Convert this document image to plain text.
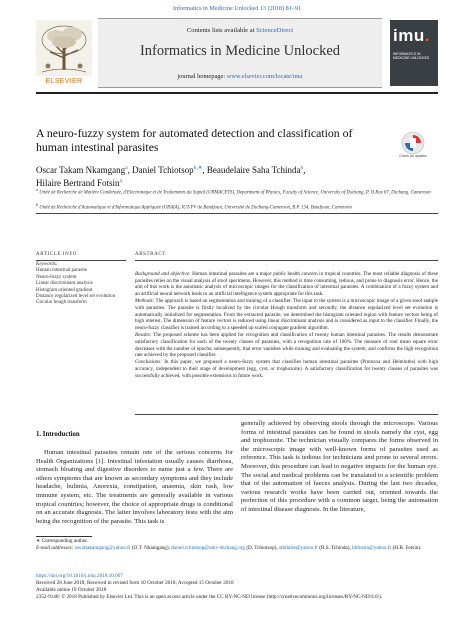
Informatics in Medicine Unlocked 13 (2018) 81–91
ELSEVIER
Contents lists available at ScienceDirect
Informatics in Medicine Unlocked
journal homepage: www.elsevier.com/locate/imu
imu.
INFORMATICS IN MEDICINE UNLOCKED
A neuro-fuzzy system for automated detection and classification of human intestinal parasites
Check for updates
Oscar Takam Nkamgang$^a$, Daniel Tchiotsop$^{b,∗}$, Beaudelaire Saha Tchinda$^b$,
Hilaire Bertrand Fotsin$^a$
$^a$ Unité de Recherche de Matière Condensée, d'Electronique et de Traitements du Signal (URMACETS), Department of Physics, Faculty of Science, University of Dschang, P. O.Box 67, Dschang, Cameroon
$^b$ Unité de Recherche d'Automatique et d'Informatique Appliquée (URAIA), IUT-FV de Bandjoun, Université de Dschang-Cameroon, B.P. 134, Bandjoun, Cameroon
ARTICLE INFO	ABSTRACT
Keywords:
Human intestinal parasite
Neuro-fuzzy system
Linear discriminant analysis
Histogram oriented gradient
Distance regularized level set evolution
Circular hough transform

Background and objective: Human intestinal parasites are a major public health concern in tropical countries. The most reliable diagnosis of these parasites relies on the visual analysis of stool specimens. However, this method is time consuming, tedious, and prone to diagnosis error. Hence, the aim of this work is the automatic analysis of microscopic images for the classification of intestinal parasites. A combination of a fuzzy system and an artificial neural network leads to an artificial intelligence system appropriate for this task.

Methods: The approach is based on segmentation and training of a classifier. The input to the system is a microscopic image of a given stool sample with parasites. The parasite is firstly localized by the circular Hough transform and secondly, the distance regularized level set evolution is automatically initialized for segmentation. From the extracted parasite, we determined the histogram oriented region with feature vectors being of high interest. The dimension of feature vectors is reduced using linear discriminant analysis and is considered as input to the classifier. Finally, the neuro-fuzzy classifier is trained according to a speeded up scaled conjugate gradient algorithm.

Results: The proposed scheme has been applied for recognition and classification of twenty human intestinal parasites. The results demonstrate satisfactory classification for each of the twenty classes of parasites, with a recognition rate of 100%. The measure of root mean square error decreases with the number of epochs; subsequently, that error vanishes while training and evaluating the system, and confirms the high recognition rate achieved by the proposed classifier.

Conclusions: In this paper, we proposed a neuro-fuzzy system that classifies human intestinal parasites (Protozoa and Helminths) with high accuracy, independent to their stage of development (egg, cyst, or trophozoite). A satisfactory classification for twenty classes of parasites was successfully achieved, with possible extensions in future work.

1. Introduction

Human intestinal parasites remain one of the serious concerns for Health Organizations [1]. Intestinal infestation usually causes diarrhoea, stomach bloating and digestive disorders to name just a few. There are others symptoms that are known as secondary symptoms and they include headache, bulimia, Anorexia, constipation, anaemia, skin rash, low immune system, etc. The treatments are generally available in various tropical countries; however, the choice of appropriate drugs is conditional on an accurate diagnosis. The latter involves laboratory tests with the aim being the recognition of the parasite. This task is

generally achieved by observing stools through the microscope. Various forms of intestinal parasites can be found in stools namely the cyst, egg and trophozoite. The technician visually compares the forms observed in the microscopic image with well-known forms of parasites used as reference. This task is tedious for technicians and prone to several errors. Moreover, this procedure can lead to negative impacts for the human eye. The social and medical problems can be translated to a scientific problem that of the automation of faeces analysis. During the last two decades, various research works have been carried out, oriented towards the perfection of this procedure with a common target, being the automation of intestinal disease diagnosis. In the literature,

∗ Corresponding author.
E-mail addresses: oscartakamgang@yahoo.fr (O.T. Nkamgang), daniel.tchiotsop@univ-dschang.org (D. Tchiotsop), stbilaire@yahoo.fr (B.S. Tchinda), hbfotsin@yahoo.fr (H.B. Fotsin).
https://doi.org/10.1016/j.imu.2018.10.007
Received 28 June 2018; Received in revised form 10 October 2018; Accepted 15 October 2018
Available online 19 October 2018
2352-9148/ © 2018 Published by Elsevier Ltd. This is an open access article under the CC BY-NC-ND license (http://creativecommons.org/licenses/BY-NC-ND/4.0/).
